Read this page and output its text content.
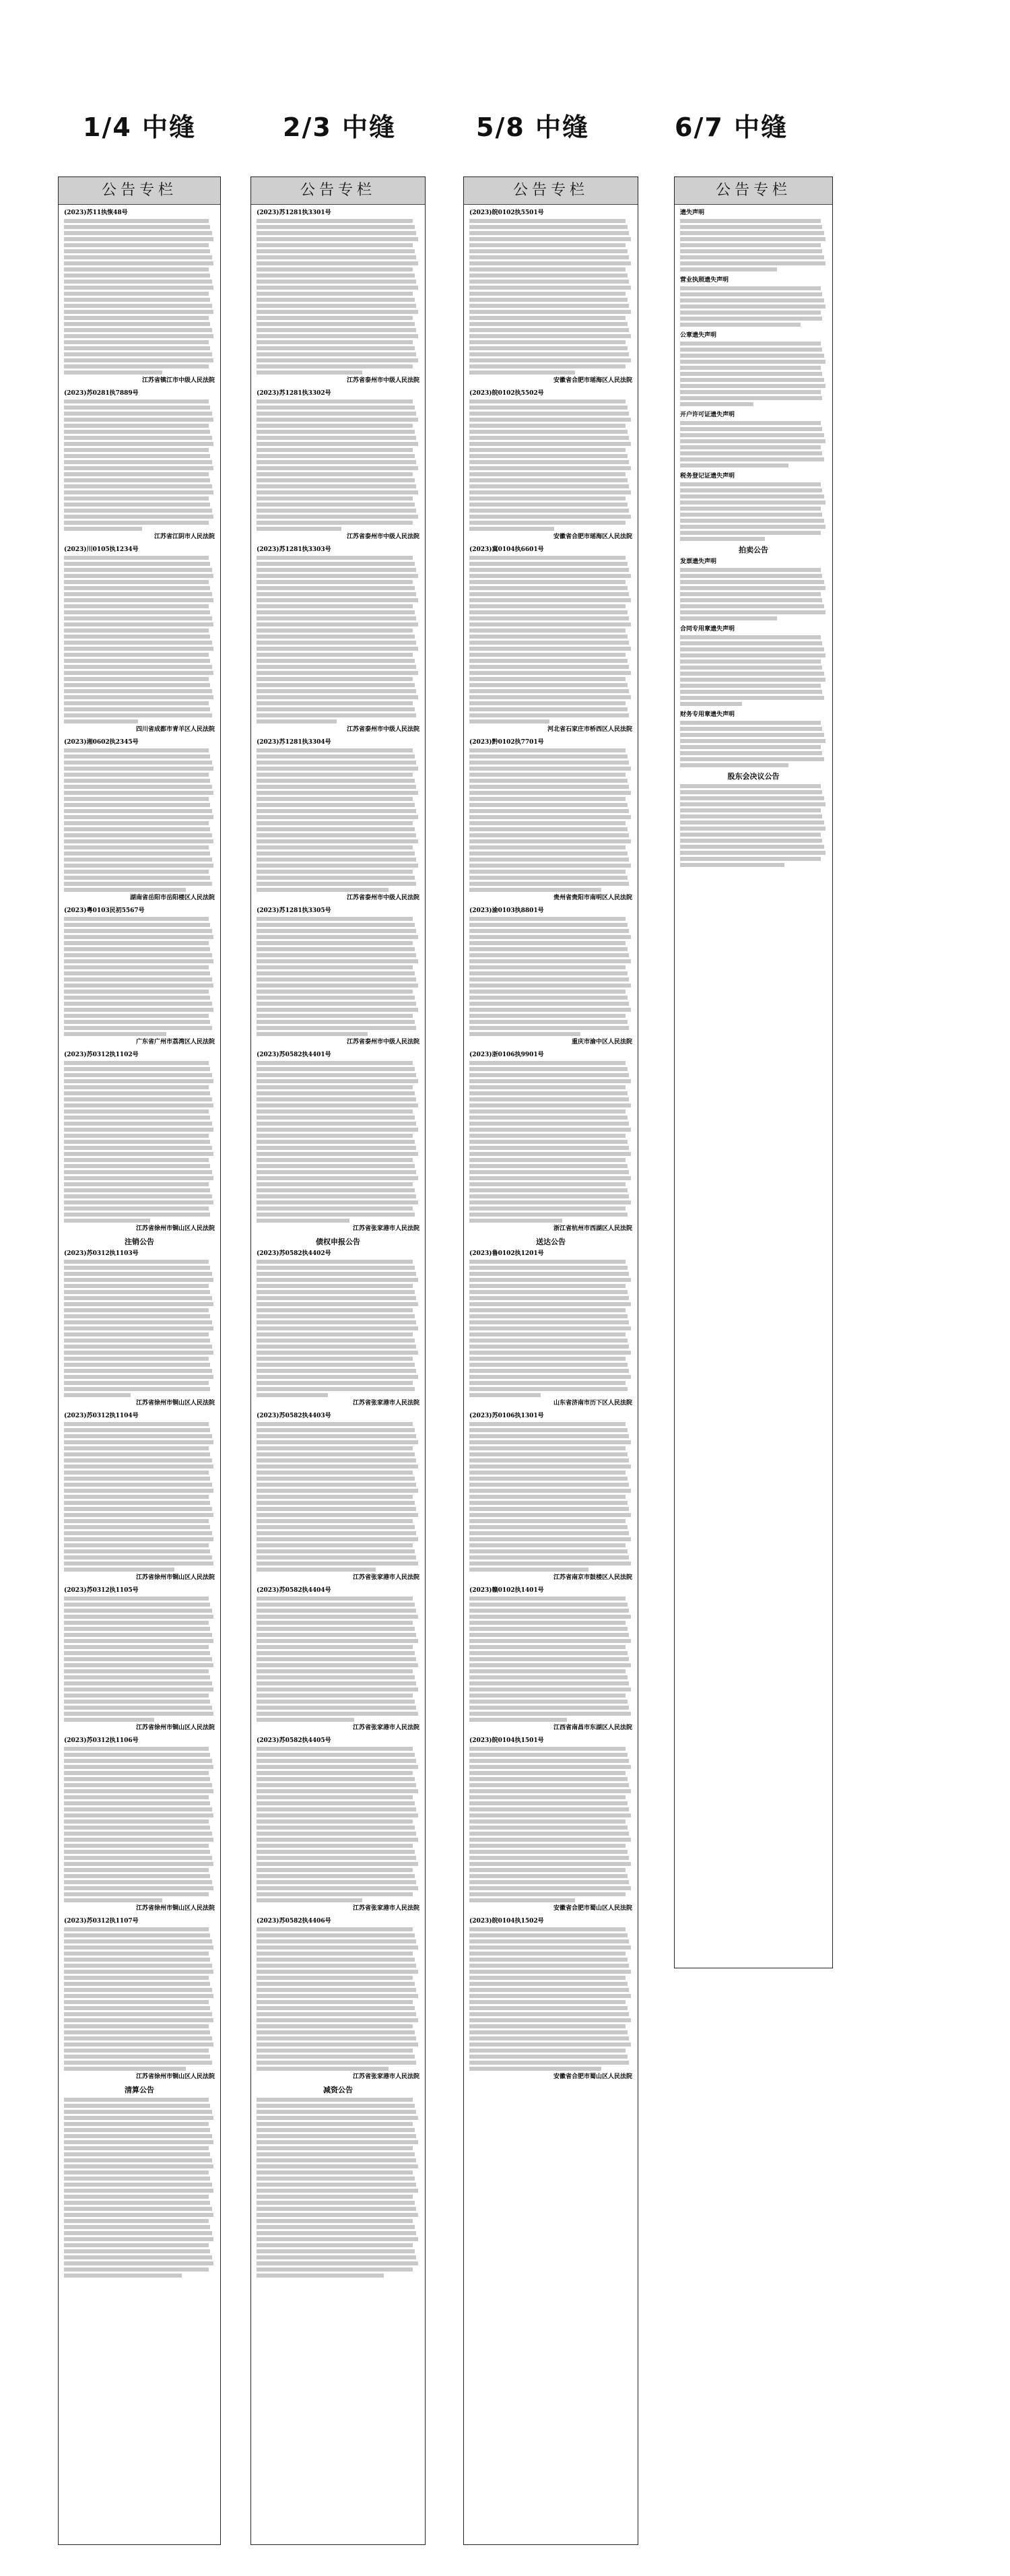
1/4 中缝	2/3 中缝	5/8 中缝	6/7 中缝
公告专栏
(2023)苏11执恢48号
江苏省镇江市中级人民法院
(2023)苏0281执7889号
江苏省江阴市人民法院
(2023)川0105执1234号
四川省成都市青羊区人民法院
(2023)湘0602执2345号
湖南省岳阳市岳阳楼区人民法院
(2023)粤0103民初5567号
广东省广州市荔湾区人民法院
(2023)苏0312执1102号
江苏省徐州市铜山区人民法院
注销公告
(2023)苏0312执1103号
江苏省徐州市铜山区人民法院
(2023)苏0312执1104号
江苏省徐州市铜山区人民法院
(2023)苏0312执1105号
江苏省徐州市铜山区人民法院
(2023)苏0312执1106号
江苏省徐州市铜山区人民法院
(2023)苏0312执1107号
江苏省徐州市铜山区人民法院
清算公告
公告专栏
(2023)苏1281执3301号
江苏省泰州市中级人民法院
(2023)苏1281执3302号
江苏省泰州市中级人民法院
(2023)苏1281执3303号
江苏省泰州市中级人民法院
(2023)苏1281执3304号
江苏省泰州市中级人民法院
(2023)苏1281执3305号
江苏省泰州市中级人民法院
(2023)苏0582执4401号
江苏省张家港市人民法院
债权申报公告
(2023)苏0582执4402号
江苏省张家港市人民法院
(2023)苏0582执4403号
江苏省张家港市人民法院
(2023)苏0582执4404号
江苏省张家港市人民法院
(2023)苏0582执4405号
江苏省张家港市人民法院
(2023)苏0582执4406号
江苏省张家港市人民法院
减资公告
公告专栏
(2023)皖0102执5501号
安徽省合肥市瑶海区人民法院
(2023)皖0102执5502号
安徽省合肥市瑶海区人民法院
(2023)冀0104执6601号
河北省石家庄市桥西区人民法院
(2023)黔0102执7701号
贵州省贵阳市南明区人民法院
(2023)渝0103执8801号
重庆市渝中区人民法院
(2023)浙0106执9901号
浙江省杭州市西湖区人民法院
送达公告
(2023)鲁0102执1201号
山东省济南市历下区人民法院
(2023)苏0106执1301号
江苏省南京市鼓楼区人民法院
(2023)赣0102执1401号
江西省南昌市东湖区人民法院
(2023)皖0104执1501号
安徽省合肥市蜀山区人民法院
(2023)皖0104执1502号
安徽省合肥市蜀山区人民法院
公告专栏
遗失声明
营业执照遗失声明
公章遗失声明
开户许可证遗失声明
税务登记证遗失声明
拍卖公告
发票遗失声明
合同专用章遗失声明
财务专用章遗失声明
股东会决议公告
